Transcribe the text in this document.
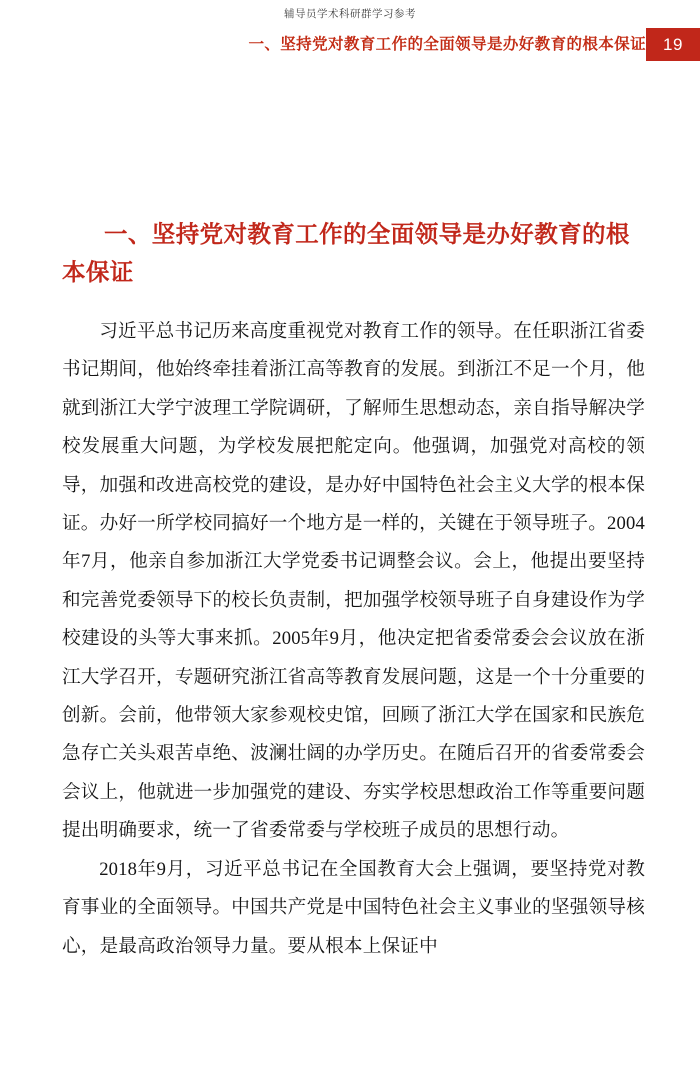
辅导员学术科研群学习参考
一、坚持党对教育工作的全面领导是办好教育的根本保证	19
一、坚持党对教育工作的全面领导是办好教育的根本保证

习近平总书记历来高度重视党对教育工作的领导。在任职浙江省委书记期间，他始终牵挂着浙江高等教育的发展。到浙江不足一个月，他就到浙江大学宁波理工学院调研，了解师生思想动态，亲自指导解决学校发展重大问题，为学校发展把舵定向。他强调，加强党对高校的领导，加强和改进高校党的建设，是办好中国特色社会主义大学的根本保证。办好一所学校同搞好一个地方是一样的，关键在于领导班子。2004年7月，他亲自参加浙江大学党委书记调整会议。会上，他提出要坚持和完善党委领导下的校长负责制，把加强学校领导班子自身建设作为学校建设的头等大事来抓。2005年9月，他决定把省委常委会会议放在浙江大学召开，专题研究浙江省高等教育发展问题，这是一个十分重要的创新。会前，他带领大家参观校史馆，回顾了浙江大学在国家和民族危急存亡关头艰苦卓绝、波澜壮阔的办学历史。在随后召开的省委常委会会议上，他就进一步加强党的建设、夯实学校思想政治工作等重要问题提出明确要求，统一了省委常委与学校班子成员的思想行动。

2018年9月，习近平总书记在全国教育大会上强调，要坚持党对教育事业的全面领导。中国共产党是中国特色社会主义事业的坚强领导核心，是最高政治领导力量。要从根本上保证中
